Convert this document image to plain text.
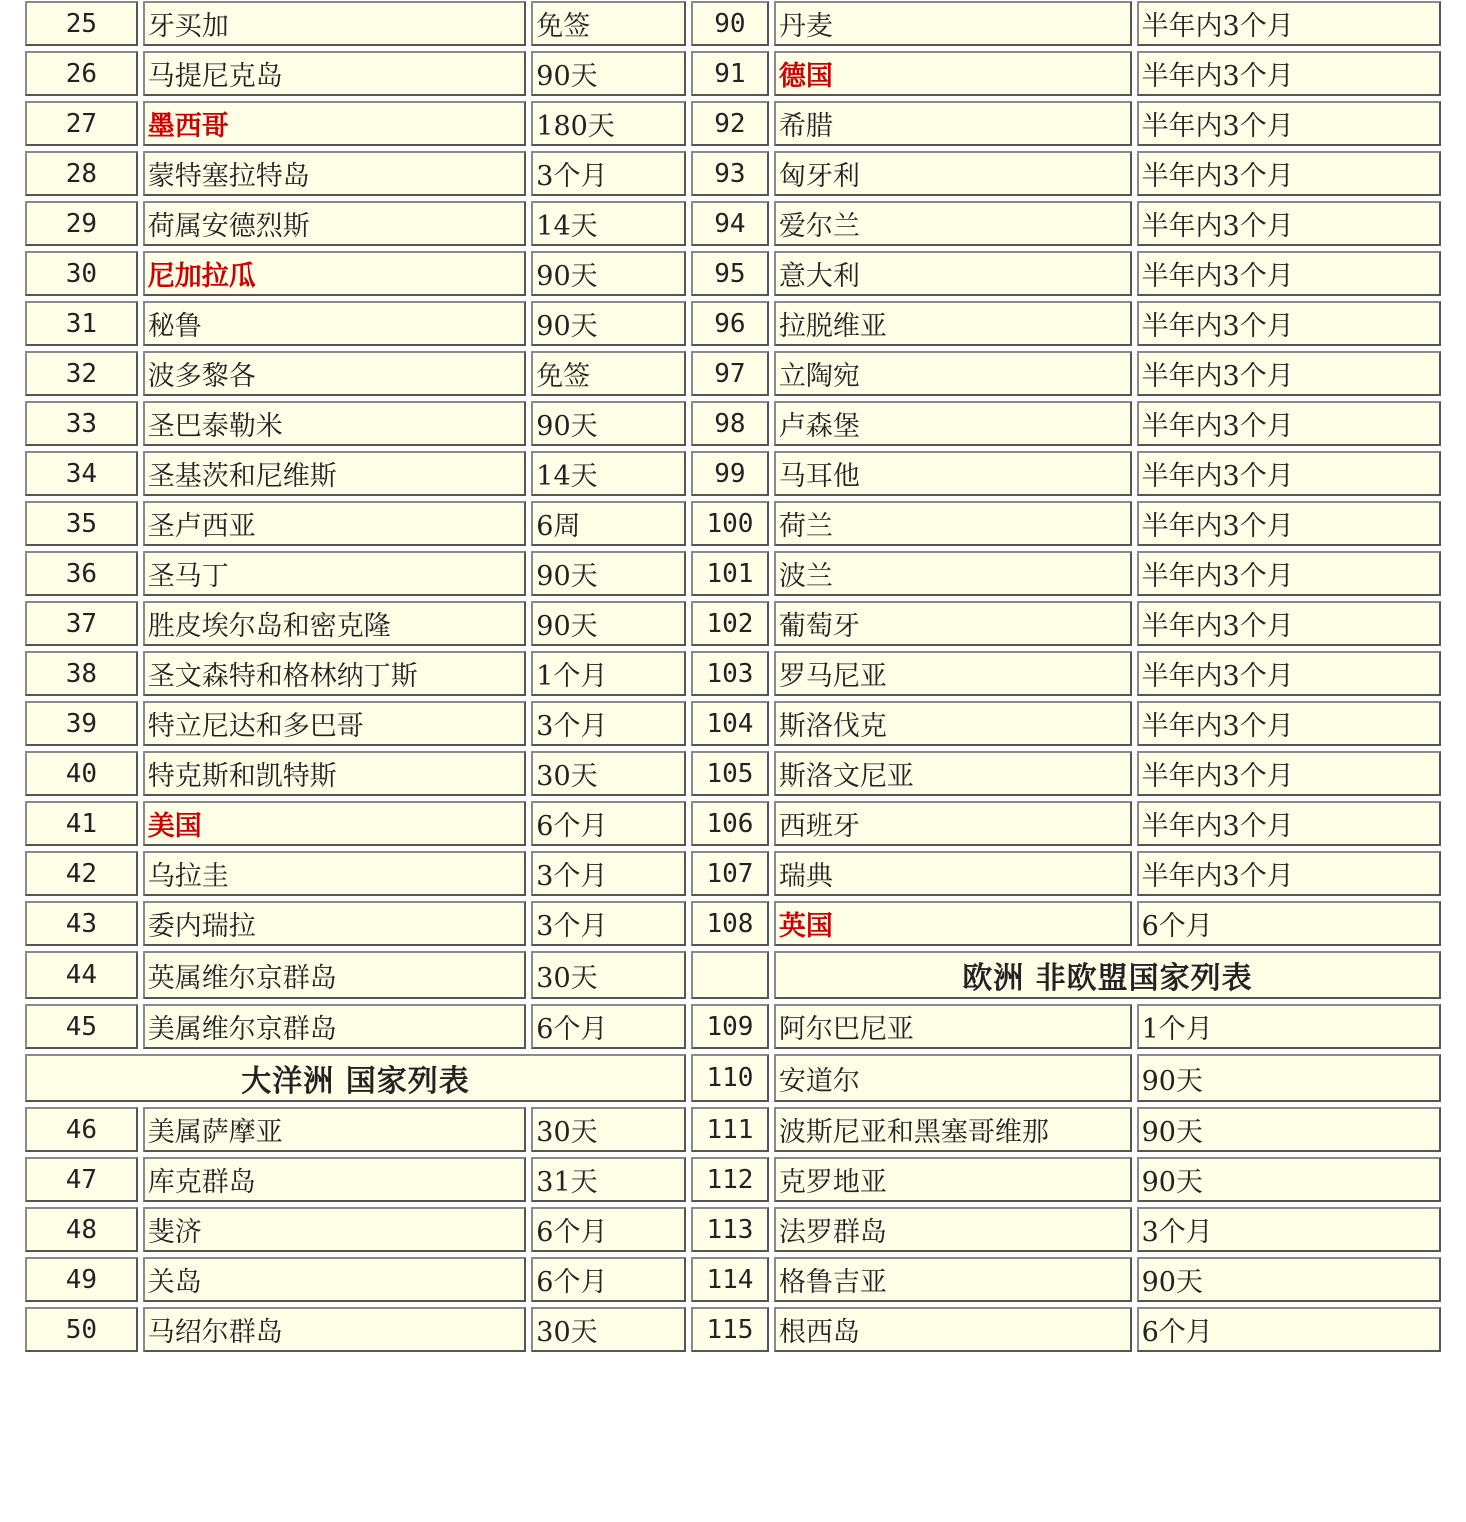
25	牙买加	免签	90	丹麦	半年内3个月
26	马提尼克岛	90天	91	德国	半年内3个月
27	墨西哥	180天	92	希腊	半年内3个月
28	蒙特塞拉特岛	3个月	93	匈牙利	半年内3个月
29	荷属安德烈斯	14天	94	爱尔兰	半年内3个月
30	尼加拉瓜	90天	95	意大利	半年内3个月
31	秘鲁	90天	96	拉脱维亚	半年内3个月
32	波多黎各	免签	97	立陶宛	半年内3个月
33	圣巴泰勒米	90天	98	卢森堡	半年内3个月
34	圣基茨和尼维斯	14天	99	马耳他	半年内3个月
35	圣卢西亚	6周	100	荷兰	半年内3个月
36	圣马丁	90天	101	波兰	半年内3个月
37	胜皮埃尔岛和密克隆	90天	102	葡萄牙	半年内3个月
38	圣文森特和格林纳丁斯	1个月	103	罗马尼亚	半年内3个月
39	特立尼达和多巴哥	3个月	104	斯洛伐克	半年内3个月
40	特克斯和凯特斯	30天	105	斯洛文尼亚	半年内3个月
41	美国	6个月	106	西班牙	半年内3个月
42	乌拉圭	3个月	107	瑞典	半年内3个月
43	委内瑞拉	3个月	108	英国	6个月
44	英属维尔京群岛	30天		欧洲 非欧盟国家列表	
45	美属维尔京群岛	6个月	109	阿尔巴尼亚	1个月
大洋洲 国家列表			110	安道尔	90天
46	美属萨摩亚	30天	111	波斯尼亚和黑塞哥维那	90天
47	库克群岛	31天	112	克罗地亚	90天
48	斐济	6个月	113	法罗群岛	3个月
49	关岛	6个月	114	格鲁吉亚	90天
50	马绍尔群岛	30天	115	根西岛	6个月
